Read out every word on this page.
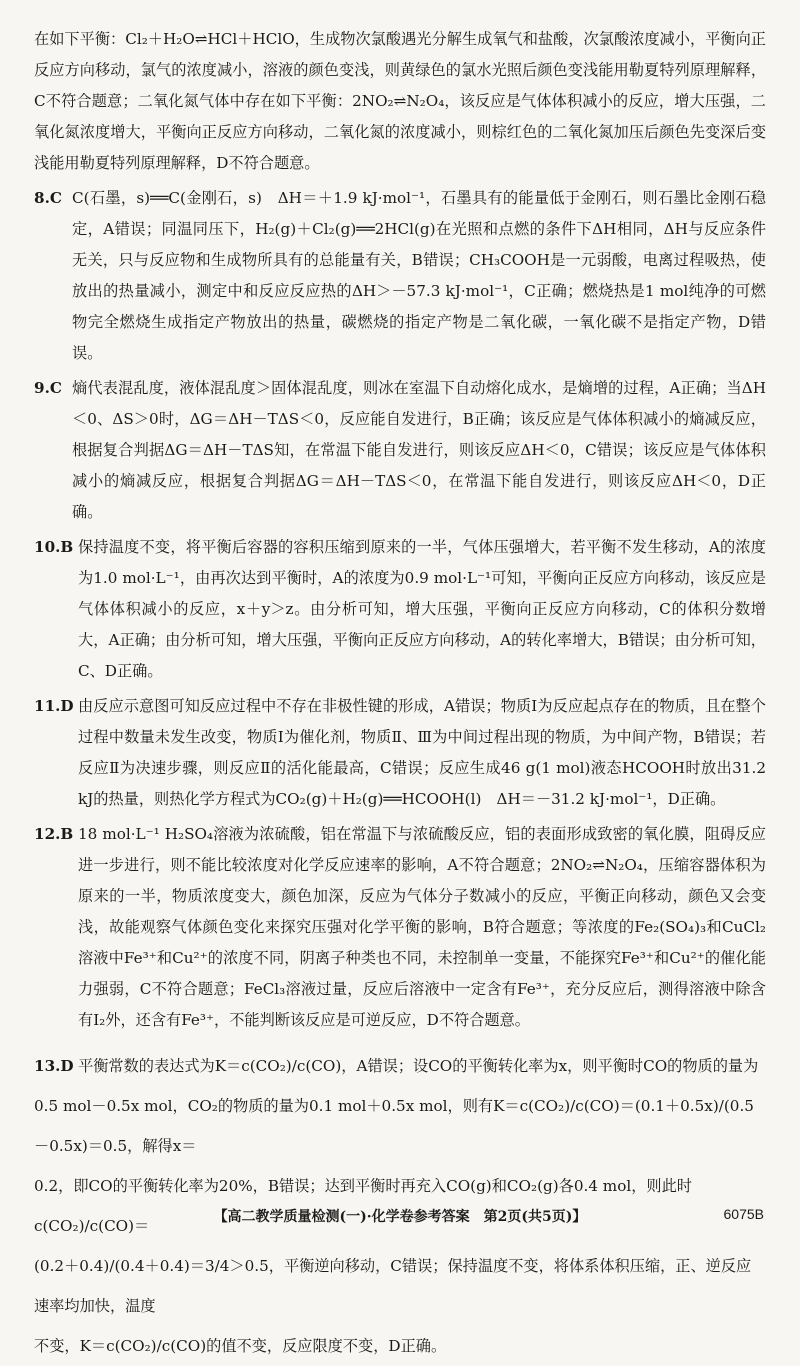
在如下平衡：Cl₂＋H₂O⇌HCl＋HClO，生成物次氯酸遇光分解生成氧气和盐酸，次氯酸浓度减小，平衡向正反应方向移动，氯气的浓度减小，溶液的颜色变浅，则黄绿色的氯水光照后颜色变浅能用勒夏特列原理解释，C不符合题意；二氧化氮气体中存在如下平衡：2NO₂⇌N₂O₄，该反应是气体体积减小的反应，增大压强，二氧化氮浓度增大，平衡向正反应方向移动，二氧化氮的浓度减小，则棕红色的二氧化氮加压后颜色先变深后变浅能用勒夏特列原理解释，D不符合题意。

8.C C(石墨，s)══C(金刚石，s)　ΔH＝＋1.9 kJ·mol⁻¹，石墨具有的能量低于金刚石，则石墨比金刚石稳定，A错误；同温同压下，H₂(g)＋Cl₂(g)══2HCl(g)在光照和点燃的条件下ΔH相同，ΔH与反应条件无关，只与反应物和生成物所具有的总能量有关，B错误；CH₃COOH是一元弱酸，电离过程吸热，使放出的热量减小，测定中和反应反应热的ΔH＞－57.3 kJ·mol⁻¹，C正确；燃烧热是1 mol纯净的可燃物完全燃烧生成指定产物放出的热量，碳燃烧的指定产物是二氧化碳，一氧化碳不是指定产物，D错误。
9.C 熵代表混乱度，液体混乱度＞固体混乱度，则冰在室温下自动熔化成水，是熵增的过程，A正确；当ΔH＜0、ΔS＞0时，ΔG＝ΔH－TΔS＜0，反应能自发进行，B正确；该反应是气体体积减小的熵减反应，根据复合判据ΔG＝ΔH－TΔS知，在常温下能自发进行，则该反应ΔH＜0，C错误；该反应是气体体积减小的熵减反应，根据复合判据ΔG＝ΔH－TΔS＜0，在常温下能自发进行，则该反应ΔH＜0，D正确。
10.B 保持温度不变，将平衡后容器的容积压缩到原来的一半，气体压强增大，若平衡不发生移动，A的浓度为1.0 mol·L⁻¹，由再次达到平衡时，A的浓度为0.9 mol·L⁻¹可知，平衡向正反应方向移动，该反应是气体体积减小的反应，x＋y＞z。由分析可知，增大压强，平衡向正反应方向移动，C的体积分数增大，A正确；由分析可知，增大压强，平衡向正反应方向移动，A的转化率增大，B错误；由分析可知，C、D正确。
11.D 由反应示意图可知反应过程中不存在非极性键的形成，A错误；物质Ⅰ为反应起点存在的物质，且在整个过程中数量未发生改变，物质Ⅰ为催化剂，物质Ⅱ、Ⅲ为中间过程出现的物质，为中间产物，B错误；若反应Ⅱ为决速步骤，则反应Ⅱ的活化能最高，C错误；反应生成46 g(1 mol)液态HCOOH时放出31.2 kJ的热量，则热化学方程式为CO₂(g)＋H₂(g)══HCOOH(l)　ΔH＝－31.2 kJ·mol⁻¹，D正确。
12.B 18 mol·L⁻¹ H₂SO₄溶液为浓硫酸，铝在常温下与浓硫酸反应，铝的表面形成致密的氧化膜，阻碍反应进一步进行，则不能比较浓度对化学反应速率的影响，A不符合题意；2NO₂⇌N₂O₄，压缩容器体积为原来的一半，物质浓度变大，颜色加深，反应为气体分子数减小的反应，平衡正向移动，颜色又会变浅，故能观察气体颜色变化来探究压强对化学平衡的影响，B符合题意；等浓度的Fe₂(SO₄)₃和CuCl₂溶液中Fe³⁺和Cu²⁺的浓度不同，阴离子种类也不同，未控制单一变量，不能探究Fe³⁺和Cu²⁺的催化能力强弱，C不符合题意；FeCl₃溶液过量，反应后溶液中一定含有Fe³⁺，充分反应后，测得溶液中除含有I₂外，还含有Fe³⁺，不能判断该反应是可逆反应，D不符合题意。
13.D 平衡常数的表达式为K＝c(CO₂)/c(CO)，A错误；设CO的平衡转化率为x，则平衡时CO的物质的量为

0.5 mol－0.5x mol，CO₂的物质的量为0.1 mol＋0.5x mol，则有K＝c(CO₂)/c(CO)＝(0.1＋0.5x)/(0.5－0.5x)＝0.5，解得x＝

0.2，即CO的平衡转化率为20%，B错误；达到平衡时再充入CO(g)和CO₂(g)各0.4 mol，则此时c(CO₂)/c(CO)＝

(0.2＋0.4)/(0.4＋0.4)＝3/4＞0.5，平衡逆向移动，C错误；保持温度不变，将体系体积压缩，正、逆反应速率均加快，温度

不变，K＝c(CO₂)/c(CO)的值不变，反应限度不变，D正确。

【高二教学质量检测(一)·化学卷参考答案　第2页(共5页)】	6075B
